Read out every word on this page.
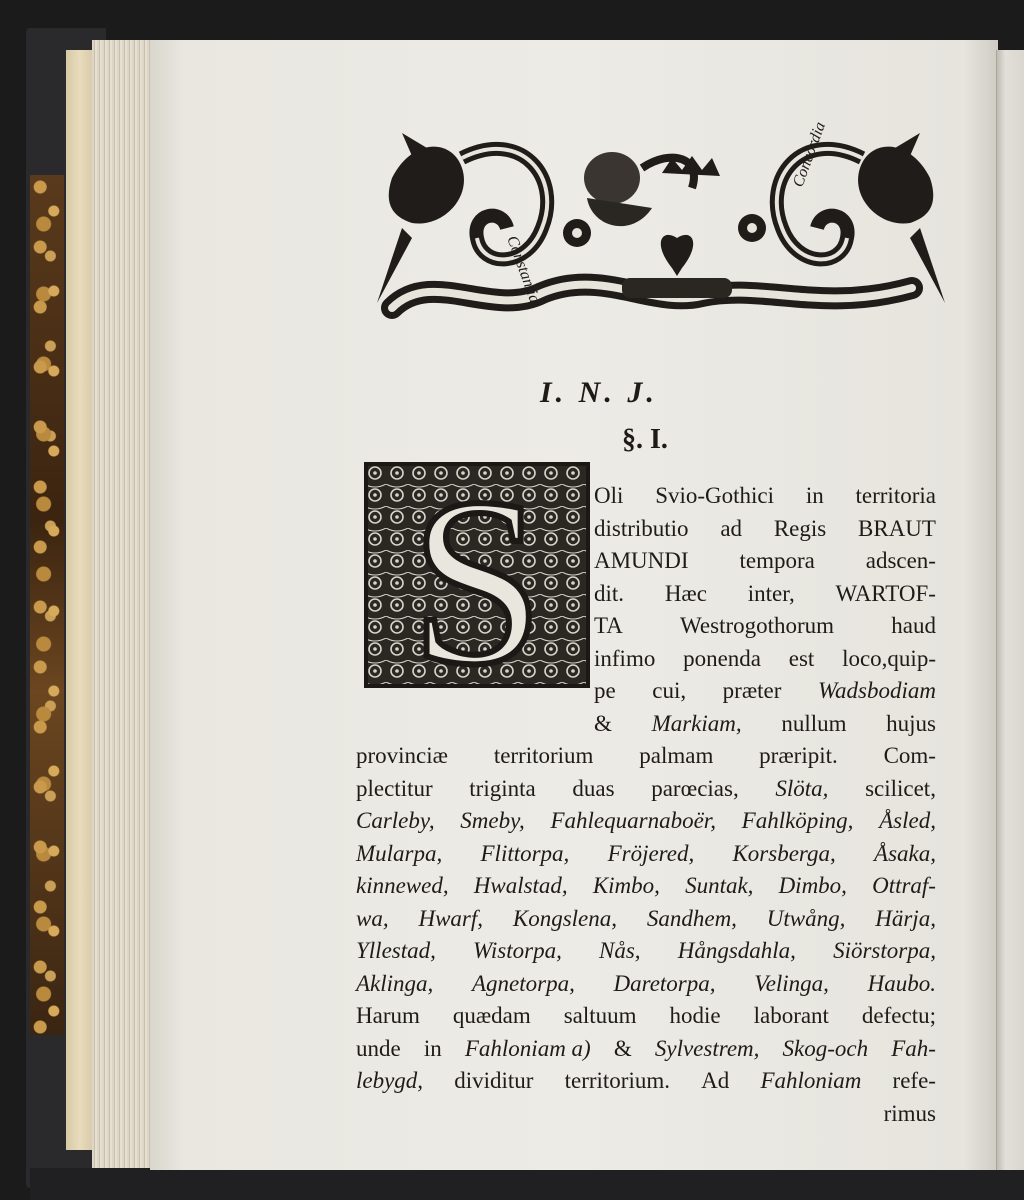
Constantia
Concordia
I. N. J.
§. I.
S Oli Svio-Gothici in territoria
distributio ad Regis BRAUT
AMUNDI tempora adscen-
dit. Hæc inter, WARTOF-
TA Westrogothorum haud
infimo ponenda est loco,quip-
pe cui, præter Wadsbodiam
& Markiam, nullum hujus
provinciæ territorium palmam præripit. Com-
plectitur triginta duas parœcias, Slöta, scilicet,
Carleby, Smeby, Fahlequarnaboër, Fahlköping, Åsled,
Mularpa, Flittorpa, Fröjered, Korsberga, Åsaka,
kinnewed, Hwalstad, Kimbo, Suntak, Dimbo, Ottraf-
wa, Hwarf, Kongslena, Sandhem, Utwång, Härja,
Yllestad, Wistorpa, Nås, Hångsdahla, Siörstorpa,
Aklinga, Agnetorpa, Daretorpa, Velinga, Haubo.
Harum quædam saltuum hodie laborant defectu;
unde in Fahloniam a) & Sylvestrem, Skog-och Fah-
lebygd, dividitur territorium. Ad Fahloniam refe-
rimus
